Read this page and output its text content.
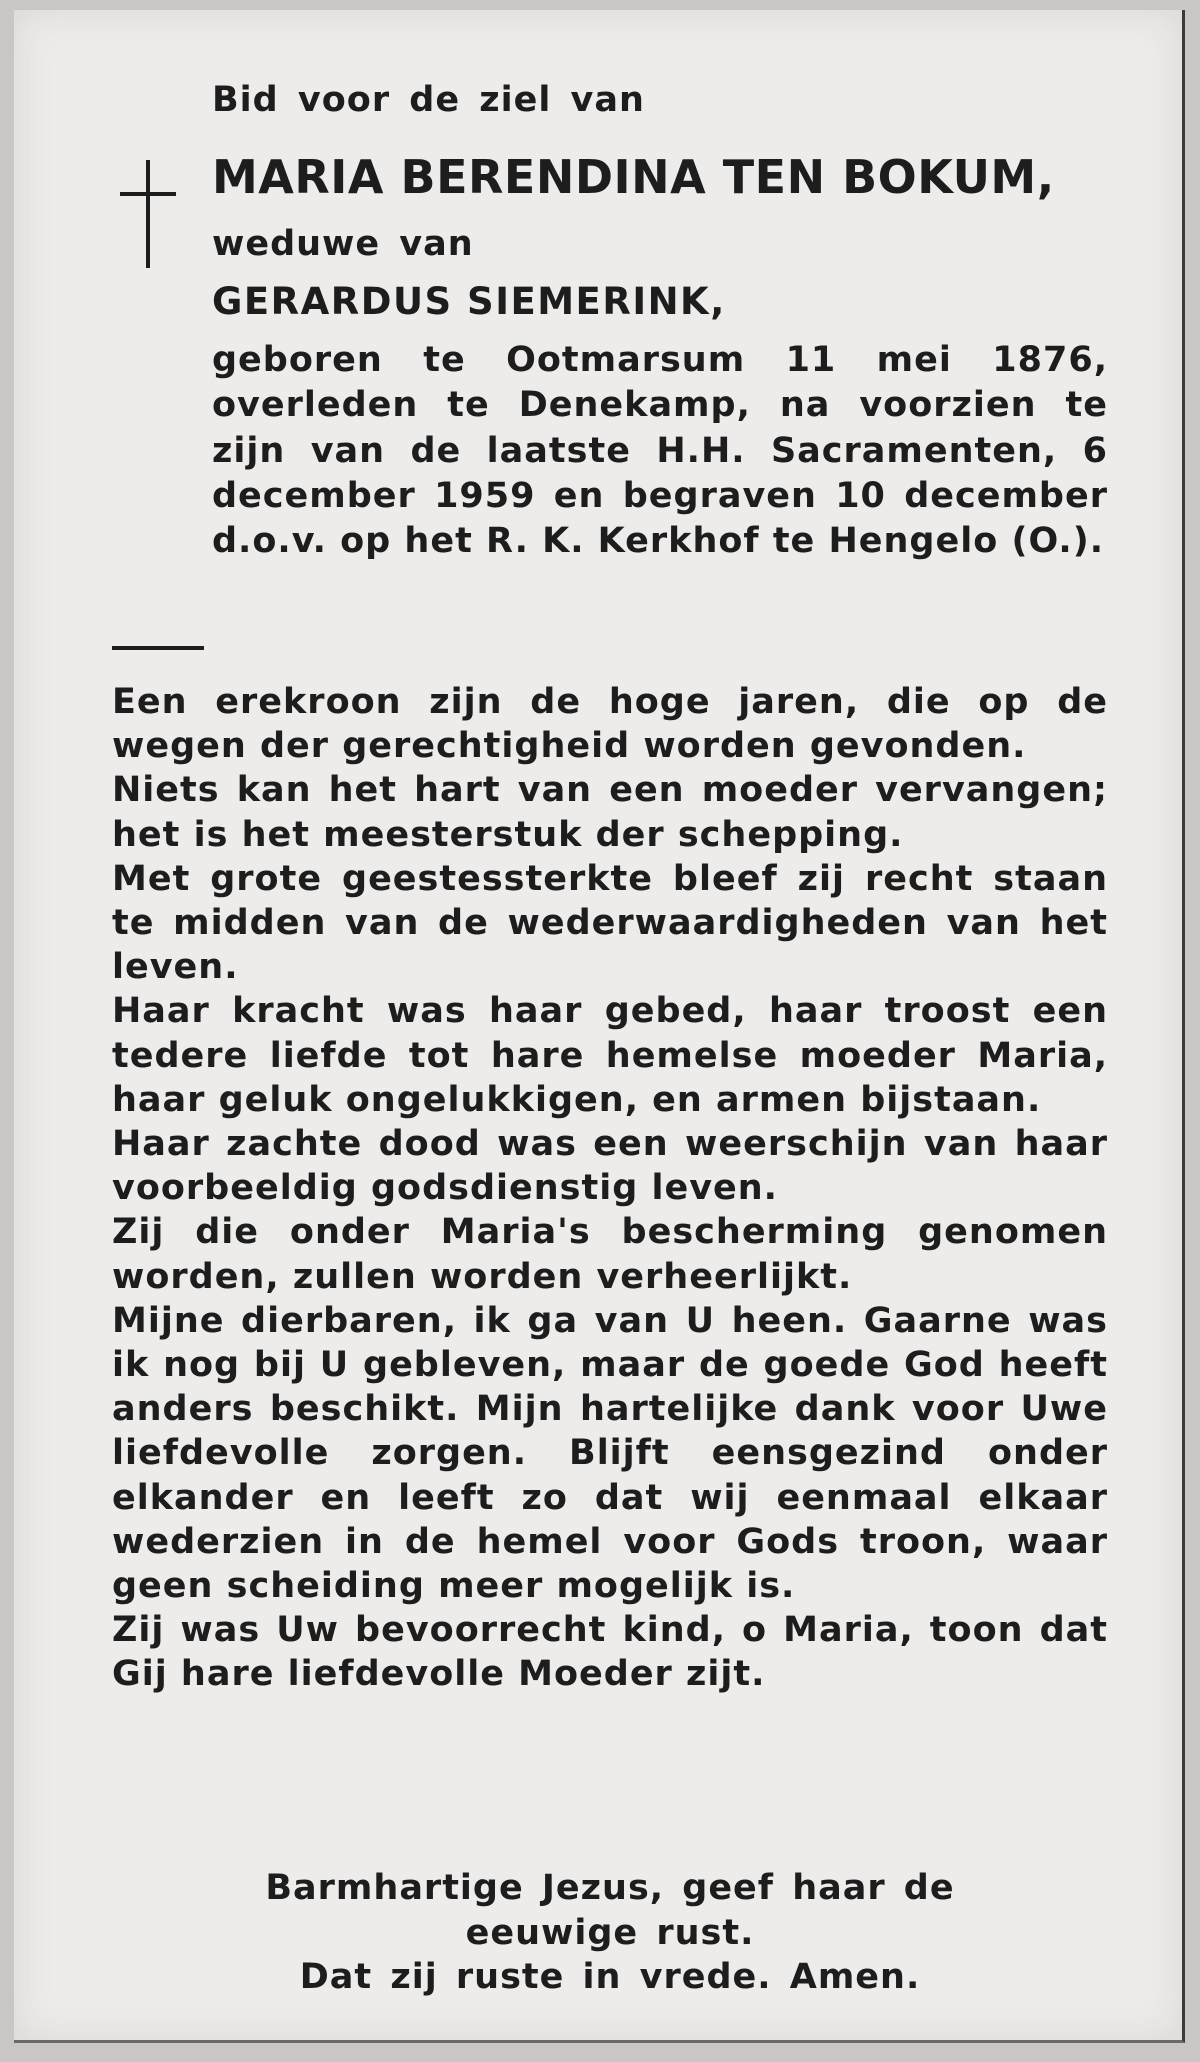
Bid voor de ziel van
MARIA BERENDINA TEN BOKUM,
weduwe van
GERARDUS SIEMERINK,

geboren te Ootmarsum 11 mei 1876, overleden te Denekamp, na voorzien te zijn van de laatste H.H. Sacramenten, 6 december 1959 en begraven 10 december d.o.v. op het R. K. Kerkhof te Hengelo (O.).

Een erekroon zijn de hoge jaren, die op de wegen der gerechtigheid worden gevonden.

Niets kan het hart van een moeder vervangen; het is het meesterstuk der schepping.

Met grote geestessterkte bleef zij recht staan te midden van de wederwaardigheden van het leven.

Haar kracht was haar gebed, haar troost een tedere liefde tot hare hemelse moeder Maria, haar geluk ongelukkigen, en armen bijstaan.

Haar zachte dood was een weerschijn van haar voorbeeldig godsdienstig leven.

Zij die onder Maria's bescherming genomen worden, zullen worden verheerlijkt.

Mijne dierbaren, ik ga van U heen. Gaarne was ik nog bij U gebleven, maar de goede God heeft anders beschikt. Mijn hartelijke dank voor Uwe liefdevolle zorgen. Blijft eensgezind onder elkander en leeft zo dat wij eenmaal elkaar wederzien in de hemel voor Gods troon, waar geen scheiding meer mogelijk is.

Zij was Uw bevoorrecht kind, o Maria, toon dat Gij hare liefdevolle Moeder zijt.

Barmhartige Jezus, geef haar de

eeuwige rust.

Dat zij ruste in vrede. Amen.
